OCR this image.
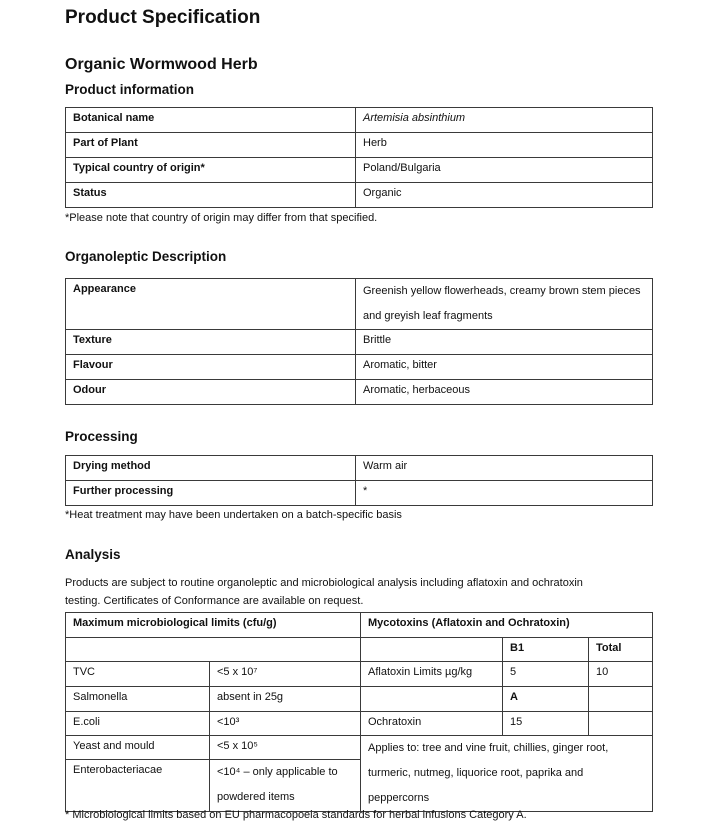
Product Specification
Organic Wormwood Herb
Product information
Botanical name	Artemisia absinthium
Part of Plant	Herb
Typical country of origin*	Poland/Bulgaria
Status	Organic
*Please note that country of origin may differ from that specified.
Organoleptic Description
Appearance	Greenish yellow flowerheads, creamy brown stem pieces and greyish leaf fragments
Texture	Brittle
Flavour	Aromatic, bitter
Odour	Aromatic, herbaceous
Processing
Drying method	Warm air
Further processing	*
*Heat treatment may have been undertaken on a batch-specific basis
Analysis
Products are subject to routine organoleptic and microbiological analysis including aflatoxin and ochratoxin
testing. Certificates of Conformance are available on request.
Maximum microbiological limits (cfu/g)		Mycotoxins (Aflatoxin and Ochratoxin)		
			B1	Total
TVC	<5 x 10⁷	Aflatoxin Limits µg/kg	5	10
Salmonella	absent in 25g		A	
E.coli	<10³	Ochratoxin	15	
Yeast and mould	<5 x 10⁵	Applies to: tree and vine fruit, chillies, ginger root, turmeric, nutmeg, liquorice root, paprika and peppercorns		
Enterobacteriacae	<10⁴ – only applicable to powdered items			
* Microbiological limits based on EU pharmacopoeia standards for herbal infusions Category A.
